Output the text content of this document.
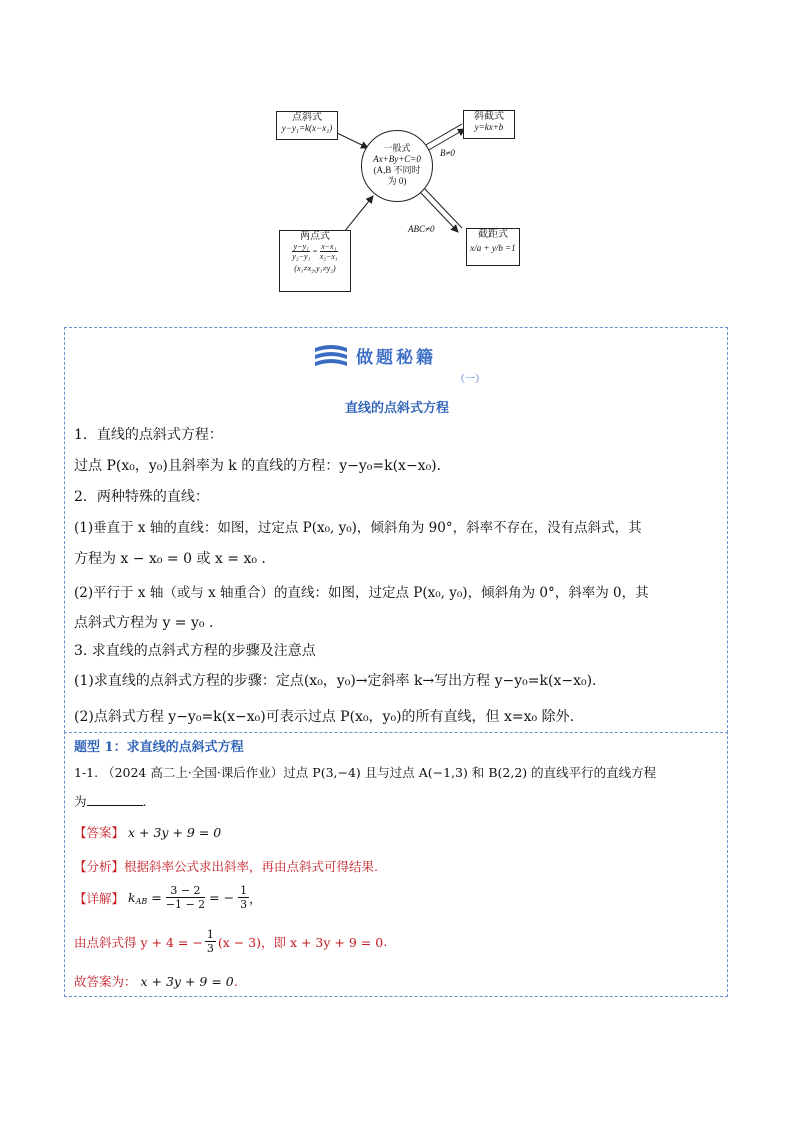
点斜式
y−y₁=k(x−x₁)
斜截式
y=kx+b
一般式
Ax+By+C=0
(A,B 不同时
为 0)
B≠0
ABC≠0
两点式
$\frac{\text{y−y₁}}{\text{y₂−y₁}} = \frac{\text{x−x₁}}{\text{x₂−x₁}}$
(x₁≠x₂,y₁≠y₂)
截距式
x/a + y/b =1
做题秘籍
（一）
直线的点斜式方程
1．直线的点斜式方程：
过点 P(x₀，y₀)且斜率为 k 的直线的方程：y−y₀=k(x−x₀).
2．两种特殊的直线：
(1)垂直于 x 轴的直线：如图，过定点 P(x₀, y₀)，倾斜角为 90°，斜率不存在，没有点斜式，其
方程为 x − x₀ = 0 或 x = x₀ .
(2)平行于 x 轴（或与 x 轴重合）的直线：如图，过定点 P(x₀, y₀)，倾斜角为 0°，斜率为 0，其
点斜式方程为 y = y₀ .
3. 求直线的点斜式方程的步骤及注意点
(1)求直线的点斜式方程的步骤：定点(x₀，y₀)→定斜率 k→写出方程 y−y₀=k(x−x₀).
(2)点斜式方程 y−y₀=k(x−x₀)可表示过点 P(x₀，y₀)的所有直线，但 x=x₀ 除外.
题型 1：求直线的点斜式方程
1-1. （2024 高二上·全国·课后作业）过点 P(3,−4) 且与过点 A(−1,3) 和 B(2,2) 的直线平行的直线方程
为	.
【答案】 x + 3y + 9 = 0
【分析】根据斜率公式求出斜率，再由点斜式可得结果.
【详解】 $k_{AB} = \frac{3 - 2}{-1 - 2}$ = − $\frac{1}{3}$ ，
由点斜式得 y + 4 = − $\frac{1}{3} (x - 3)$，即 x + 3y + 9 = 0 .
故答案为： x + 3y + 9 = 0.
